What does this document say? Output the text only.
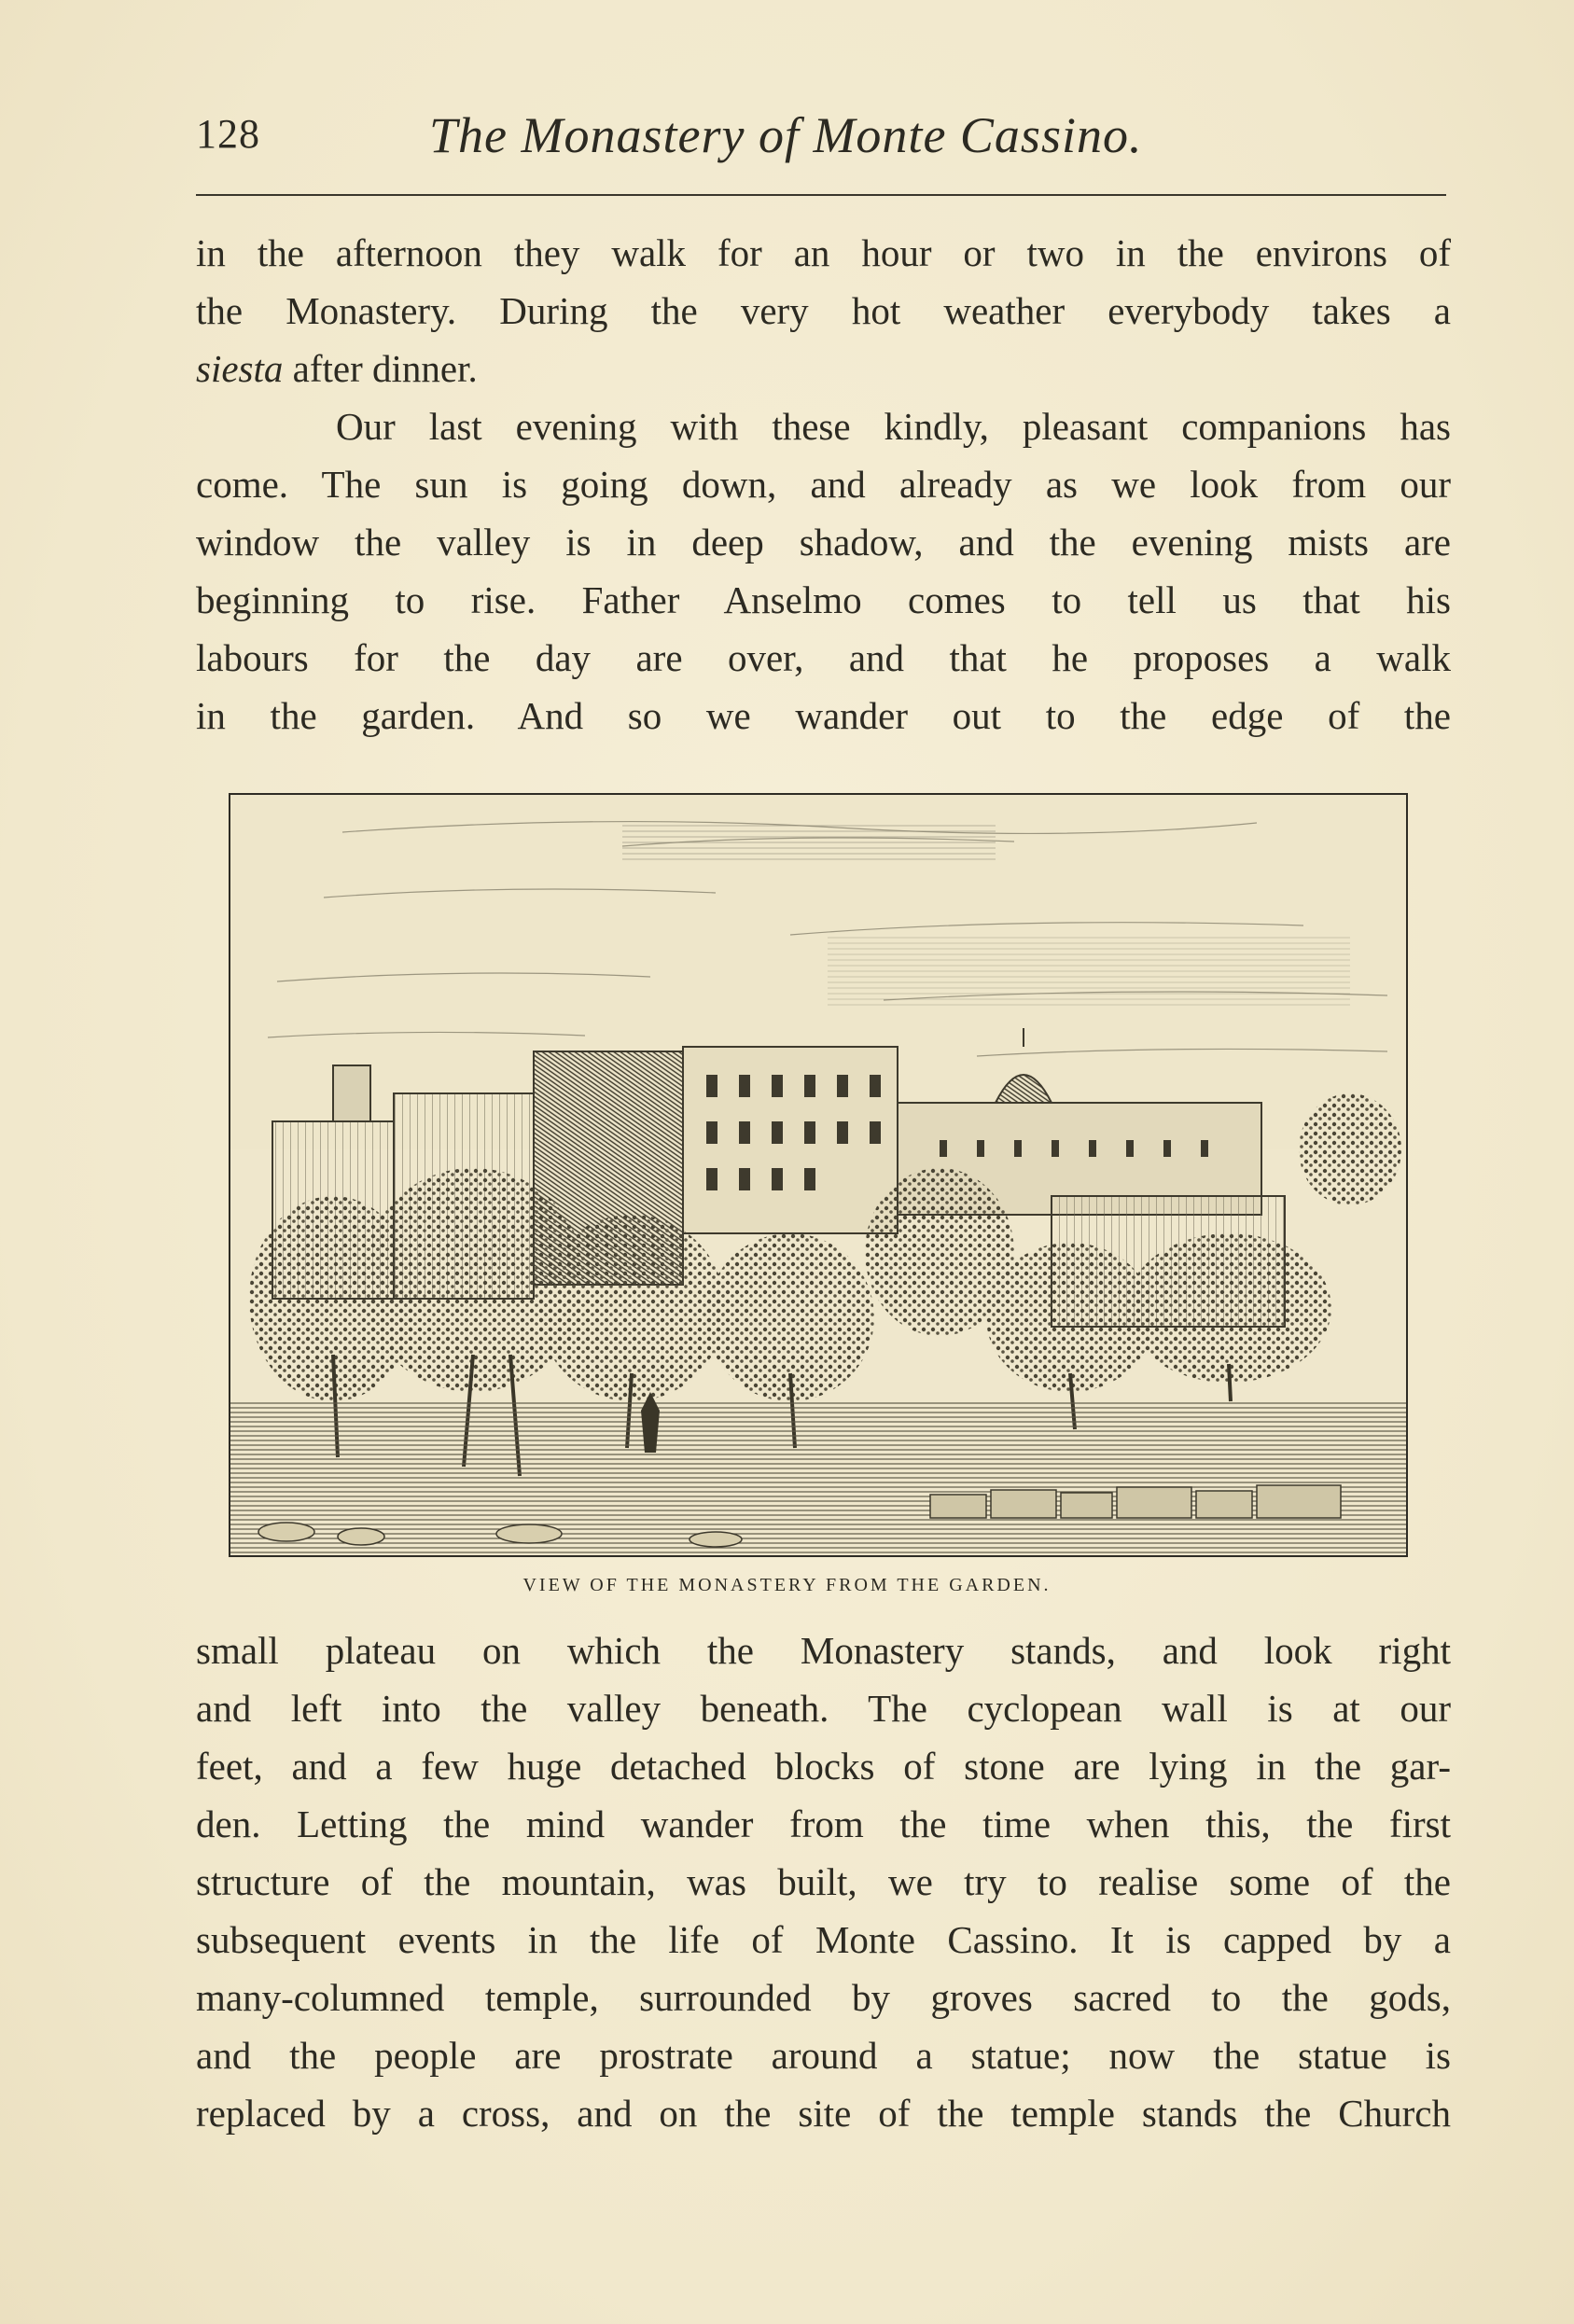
128	The Monastery of Monte Cassino.
in the afternoon they walk for an hour or two in the environs of
the Monastery. During the very hot weather everybody takes a
siesta after dinner.
Our last evening with these kindly, pleasant companions has
come. The sun is going down, and already as we look from our
window the valley is in deep shadow, and the evening mists are
beginning to rise. Father Anselmo comes to tell us that his
labours for the day are over, and that he proposes a walk
in the garden. And so we wander out to the edge of the
VIEW OF THE MONASTERY FROM THE GARDEN.
small plateau on which the Monastery stands, and look right
and left into the valley beneath. The cyclopean wall is at our
feet, and a few huge detached blocks of stone are lying in the gar-
den. Letting the mind wander from the time when this, the first
structure of the mountain, was built, we try to realise some of the
subsequent events in the life of Monte Cassino. It is capped by a
many-columned temple, surrounded by groves sacred to the gods,
and the people are prostrate around a statue; now the statue is
replaced by a cross, and on the site of the temple stands the Church
